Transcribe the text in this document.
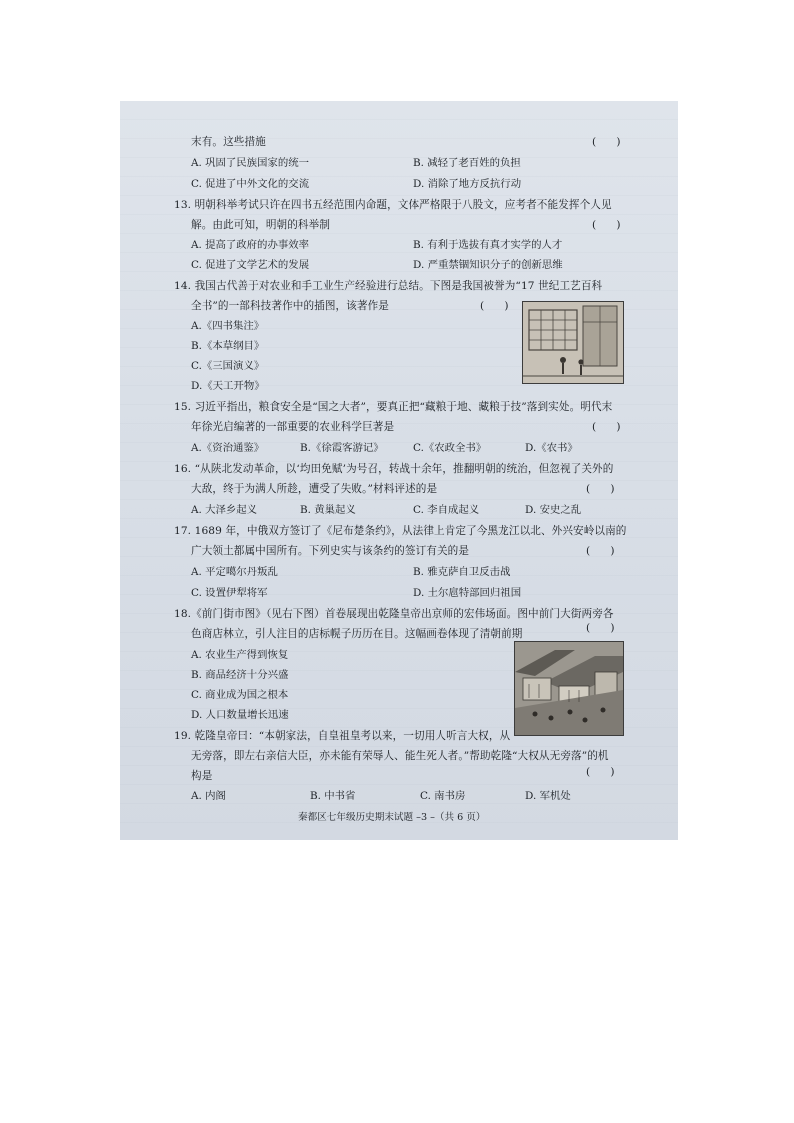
末有。这些措施	(      )
A. 巩固了民族国家的统一	B. 减轻了老百姓的负担
C. 促进了中外文化的交流	D. 消除了地方反抗行动
13. 明朝科举考试只许在四书五经范围内命题，文体严格限于八股文，应考者不能发挥个人见
解。由此可知，明朝的科举制	(      )
A. 提高了政府的办事效率	B. 有利于选拔有真才实学的人才
C. 促进了文学艺术的发展	D. 严重禁锢知识分子的创新思维
14. 我国古代善于对农业和手工业生产经验进行总结。下图是我国被誉为“17 世纪工艺百科
全书”的一部科技著作中的插图，该著作是	(      )
A.《四书集注》
B.《本草纲目》
C.《三国演义》
D.《天工开物》
15. 习近平指出，粮食安全是“国之大者”，要真正把“藏粮于地、藏粮于技”落到实处。明代末
年徐光启编著的一部重要的农业科学巨著是	(      )
A.《资治通鉴》	B.《徐霞客游记》	C.《农政全书》	D.《农书》
16. “从陕北发动革命，以‘均田免赋’为号召，转战十余年，推翻明朝的统治，但忽视了关外的
大敌，终于为满人所趁，遭受了失败。”材料评述的是	(      )
A. 大泽乡起义	B. 黄巢起义	C. 李自成起义	D. 安史之乱
17. 1689 年，中俄双方签订了《尼布楚条约》，从法律上肯定了今黑龙江以北、外兴安岭以南的
广大领土都属中国所有。下列史实与该条约的签订有关的是	(      )
A. 平定噶尔丹叛乱	B. 雅克萨自卫反击战
C. 设置伊犁将军	D. 土尔扈特部回归祖国
18.《前门街市图》（见右下图）首卷展现出乾隆皇帝出京师的宏伟场面。图中前门大街两旁各
色商店林立，引人注目的店标幌子历历在目。这幅画卷体现了清朝前期	(      )
A. 农业生产得到恢复
B. 商品经济十分兴盛
C. 商业成为国之根本
D. 人口数量增长迅速
19. 乾隆皇帝曰：“本朝家法，自皇祖皇考以来，一切用人听言大权，从
无旁落，即左右亲信大臣，亦未能有荣辱人、能生死人者。”帮助乾隆“大权从无旁落”的机
构是	(      )
A. 内阁	B. 中书省	C. 南书房	D. 军机处
秦都区七年级历史期末试题 –3 –（共 6 页）
